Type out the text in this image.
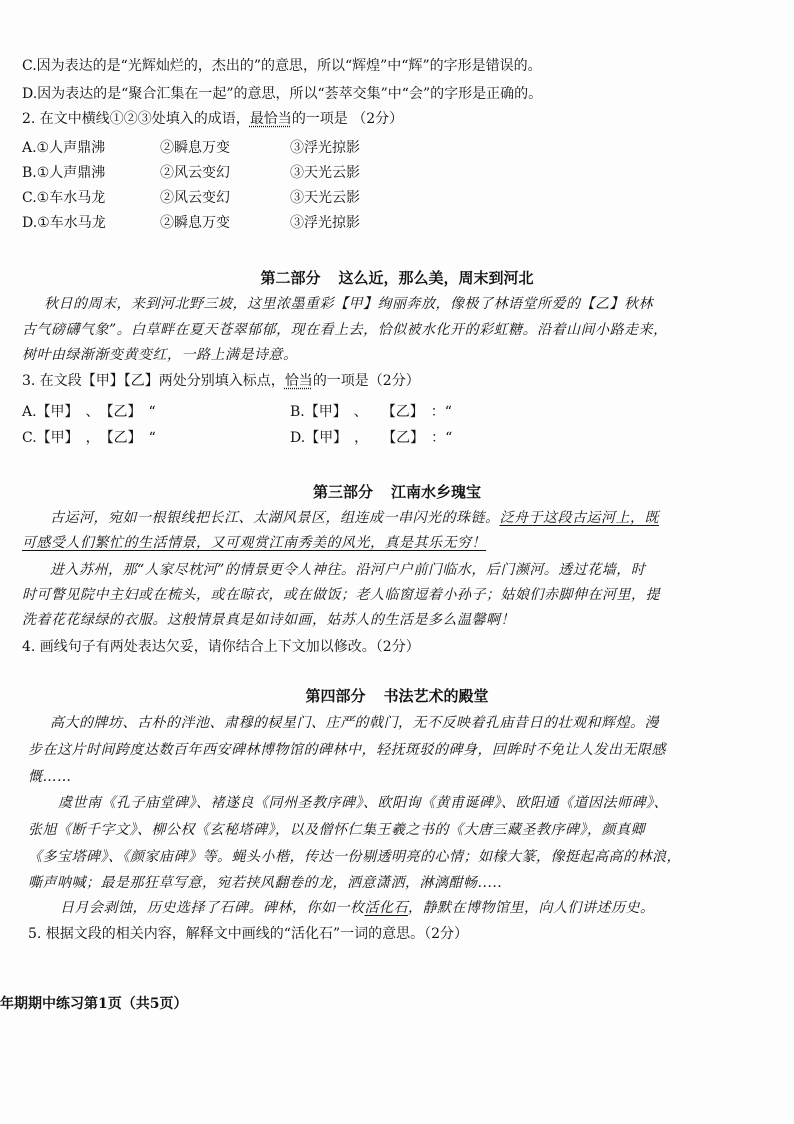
C.因为表达的是“光辉灿烂的，杰出的”的意思，所以“辉煌”中“辉”的字形是错误的。
D.因为表达的是“聚合汇集在一起”的意思，所以“荟萃交集”中“会”的字形是正确的。
2. 在文中横线①②③处填入的成语，最恰当的一项是 （2分）
A.①人声鼎沸	②瞬息万变	③浮光掠影
B.①人声鼎沸	②风云变幻	③天光云影
C.①车水马龙	②风云变幻	③天光云影
D.①车水马龙	②瞬息万变	③浮光掠影
第二部分 这么近，那么美，周末到河北
秋日的周末，来到河北野三坡，这里浓墨重彩【甲】绚丽奔放，像极了林语堂所爱的【乙】秋林
古气磅礴气象”。白草畔在夏天苍翠郁郁，现在看上去，恰似被水化开的彩虹糖。沿着山间小路走来，
树叶由绿渐渐变黄变红，一路上满是诗意。
3. 在文段【甲】【乙】两处分别填入标点，恰当的一项是（2分）
A.【甲】　、　【乙】　“	B.【甲】　、　　【乙】　：“
C.【甲】　，　【乙】　“	D.【甲】　，　　【乙】　：“
第三部分 江南水乡瑰宝
古运河，宛如一根银线把长江、太湖风景区，组连成一串闪光的珠链。泛舟于这段古运河上，既
可感受人们繁忙的生活情景，又可观赏江南秀美的风光，真是其乐无穷！
进入苏州，那“人家尽枕河”的情景更令人神往。沿河户户前门临水，后门濒河。透过花墙，时
时可瞥见院中主妇或在梳头，或在晾衣，或在做饭；老人临窗逗着小孙子；姑娘们赤脚伸在河里，提
洗着花花绿绿的衣服。这般情景真是如诗如画，姑苏人的生活是多么温馨啊！
4. 画线句子有两处表达欠妥，请你结合上下文加以修改。（2分）
第四部分 书法艺术的殿堂
高大的牌坊、古朴的泮池、肃穆的棂星门、庄严的戟门，无不反映着孔庙昔日的壮观和辉煌。漫
步在这片时间跨度达数百年西安碑林博物馆的碑林中，轻抚斑驳的碑身，回眸时不免让人发出无限感
慨……
虞世南《孔子庙堂碑》、褚遂良《同州圣教序碑》、欧阳询《黄甫诞碑》、欧阳通《道因法师碑》、
张旭《断千字文》、柳公权《玄秘塔碑》，以及僧怀仁集王羲之书的《大唐三藏圣教序碑》，颜真卿
《多宝塔碑》、《颜家庙碑》等。蝇头小楷，传达一份剔透明亮的心情；如椽大篆，像挺起高高的林浪，
嘶声呐喊；最是那狂草写意，宛若挟风翻卷的龙，洒意潇洒，淋漓酣畅.....
日月会剥蚀，历史选择了石碑。碑林，你如一枚活化石，静默在博物馆里，向人们讲述历史。
5. 根据文段的相关内容，解释文中画线的“活化石”一词的意思。（2分）
年期期中练习第1页（共5页）
